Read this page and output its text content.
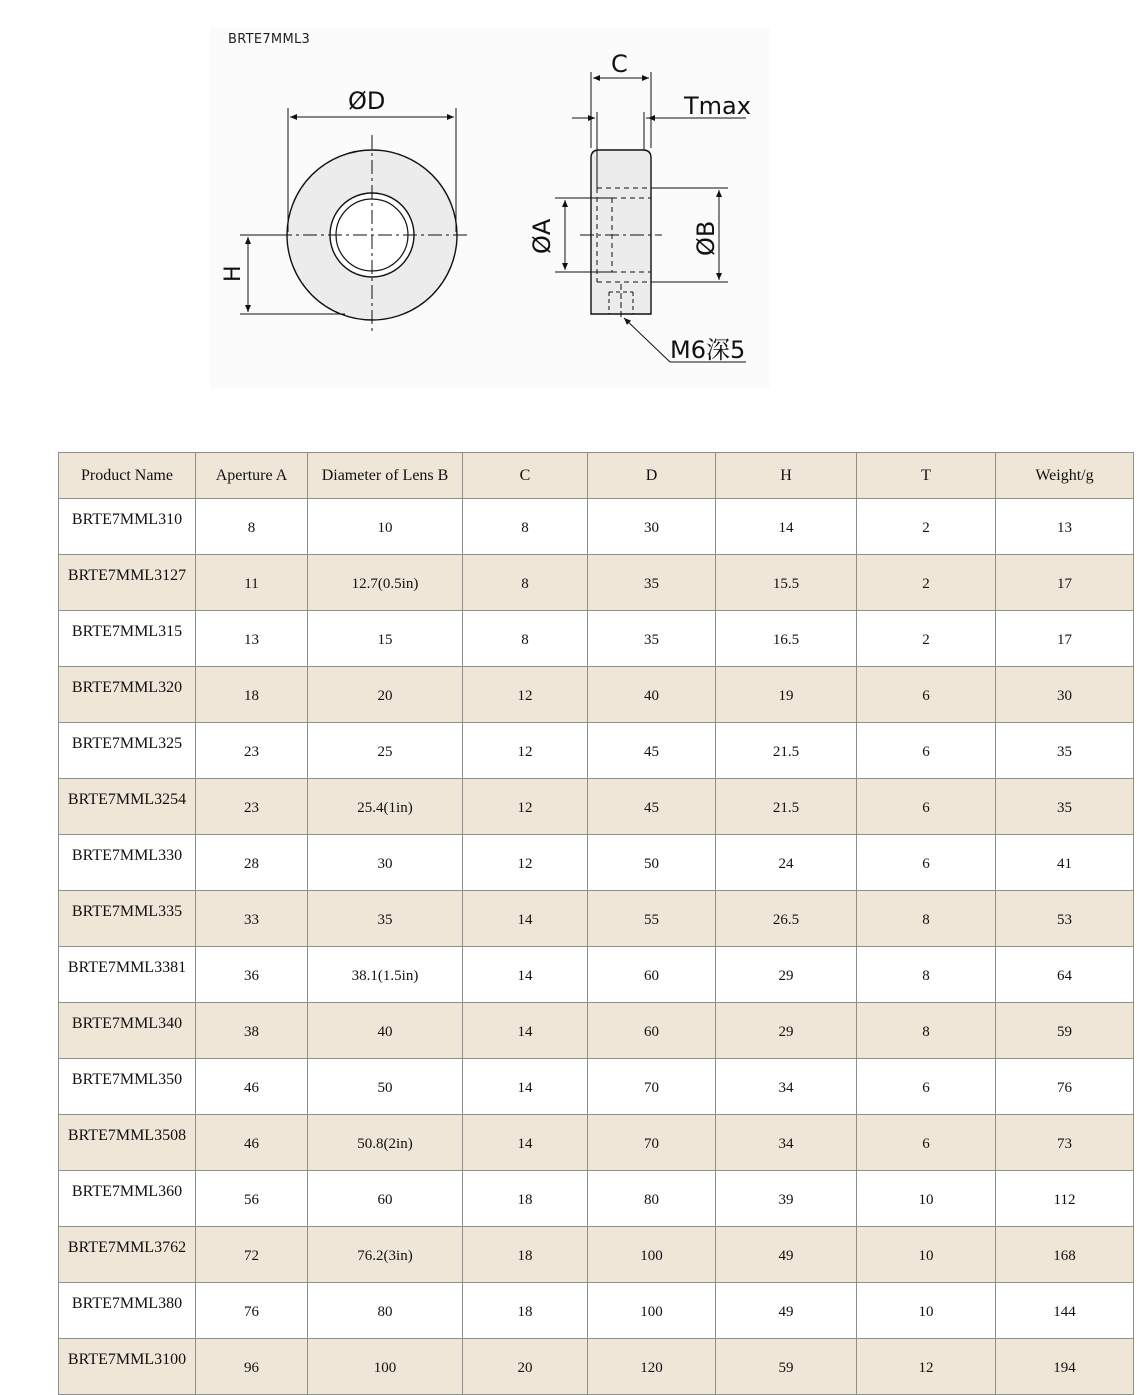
BRTE7MML3
ØD
H
C
Tmax
ØA	ØB
M6深5
Product Name	Aperture A	Diameter of Lens B	C	D	H	T	Weight/g
BRTE7MML310	8	10	8	30	14	2	13
BRTE7MML3127	11	12.7(0.5in)	8	35	15.5	2	17
BRTE7MML315	13	15	8	35	16.5	2	17
BRTE7MML320	18	20	12	40	19	6	30
BRTE7MML325	23	25	12	45	21.5	6	35
BRTE7MML3254	23	25.4(1in)	12	45	21.5	6	35
BRTE7MML330	28	30	12	50	24	6	41
BRTE7MML335	33	35	14	55	26.5	8	53
BRTE7MML3381	36	38.1(1.5in)	14	60	29	8	64
BRTE7MML340	38	40	14	60	29	8	59
BRTE7MML350	46	50	14	70	34	6	76
BRTE7MML3508	46	50.8(2in)	14	70	34	6	73
BRTE7MML360	56	60	18	80	39	10	112
BRTE7MML3762	72	76.2(3in)	18	100	49	10	168
BRTE7MML380	76	80	18	100	49	10	144
BRTE7MML3100	96	100	20	120	59	12	194
